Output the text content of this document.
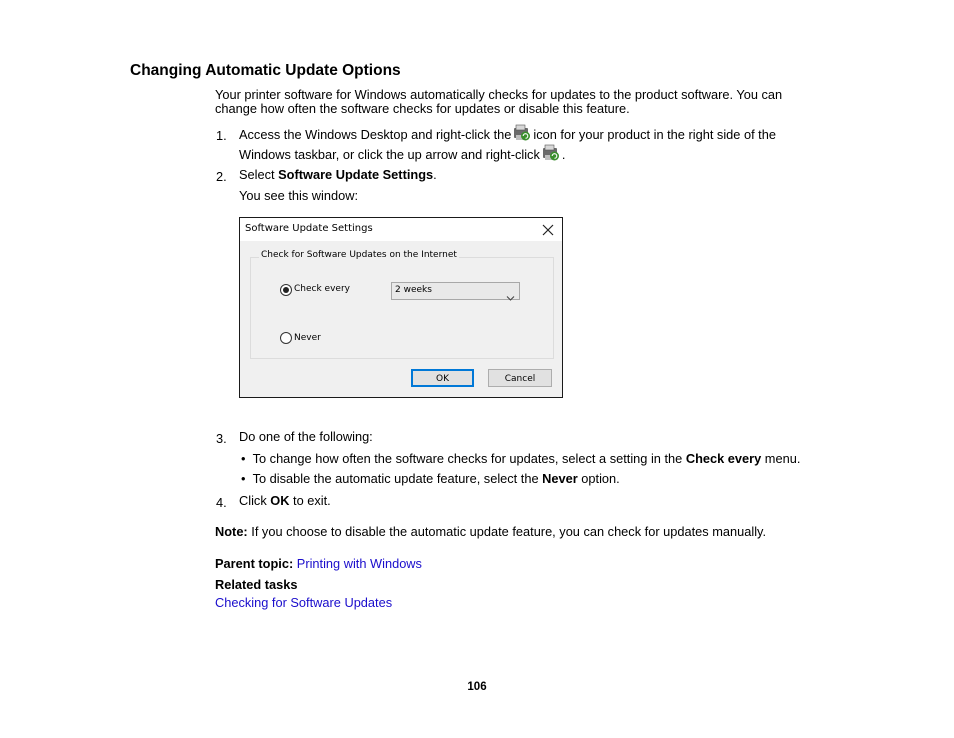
Changing Automatic Update Options
Your printer software for Windows automatically checks for updates to the product software. You can
change how often the software checks for updates or disable this feature.
1. Access the Windows Desktop and right-click the icon for your product in the right side of the
Windows taskbar, or click the up arrow and right-click .
2. Select Software Update Settings.
You see this window:
Software Update Settings
Check for Software Updates on the Internet
Check every	2 weeks
Never
OK	Cancel
3. Do one of the following:
•  To change how often the software checks for updates, select a setting in the Check every menu.
•  To disable the automatic update feature, select the Never option.
4. Click OK to exit.
Note: If you choose to disable the automatic update feature, you can check for updates manually.
Parent topic: Printing with Windows
Related tasks
Checking for Software Updates
106
